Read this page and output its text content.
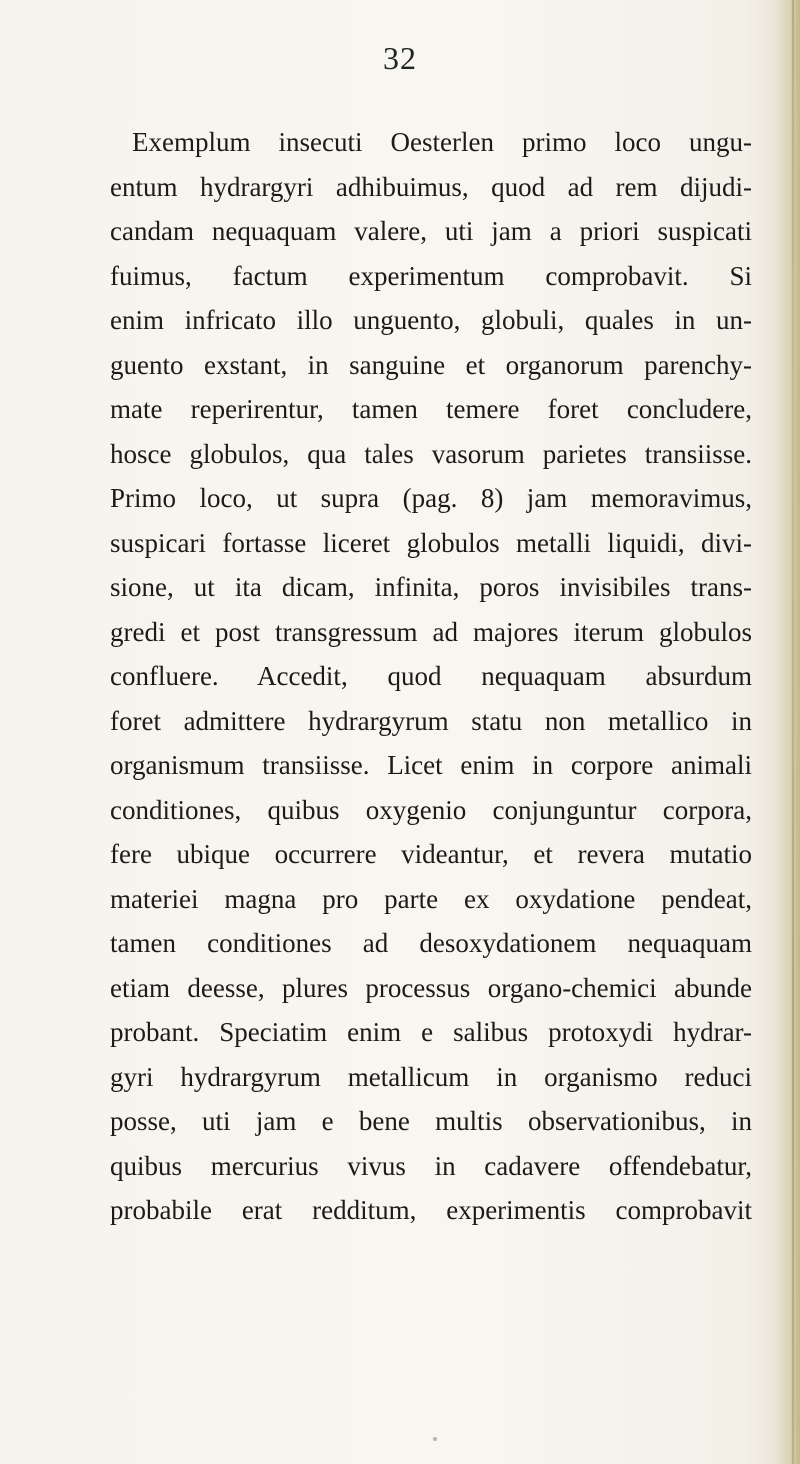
32
Exemplum insecuti Oesterlen primo loco ungu-
entum hydrargyri adhibuimus, quod ad rem dijudi-
candam nequaquam valere, uti jam a priori suspicati
fuimus, factum experimentum comprobavit. Si
enim infricato illo unguento, globuli, quales in un-
guento exstant, in sanguine et organorum parenchy-
mate reperirentur, tamen temere foret concludere,
hosce globulos, qua tales vasorum parietes transiisse.
Primo loco, ut supra (pag. 8) jam memoravimus,
suspicari fortasse liceret globulos metalli liquidi, divi-
sione, ut ita dicam, infinita, poros invisibiles trans-
gredi et post transgressum ad majores iterum globulos
confluere. Accedit, quod nequaquam absurdum
foret admittere hydrargyrum statu non metallico in
organismum transiisse. Licet enim in corpore animali
conditiones, quibus oxygenio conjunguntur corpora,
fere ubique occurrere videantur, et revera mutatio
materiei magna pro parte ex oxydatione pendeat,
tamen conditiones ad desoxydationem nequaquam
etiam deesse, plures processus organo-chemici abunde
probant. Speciatim enim e salibus protoxydi hydrar-
gyri hydrargyrum metallicum in organismo reduci
posse, uti jam e bene multis observationibus, in
quibus mercurius vivus in cadavere offendebatur,
probabile erat redditum, experimentis comprobavit
